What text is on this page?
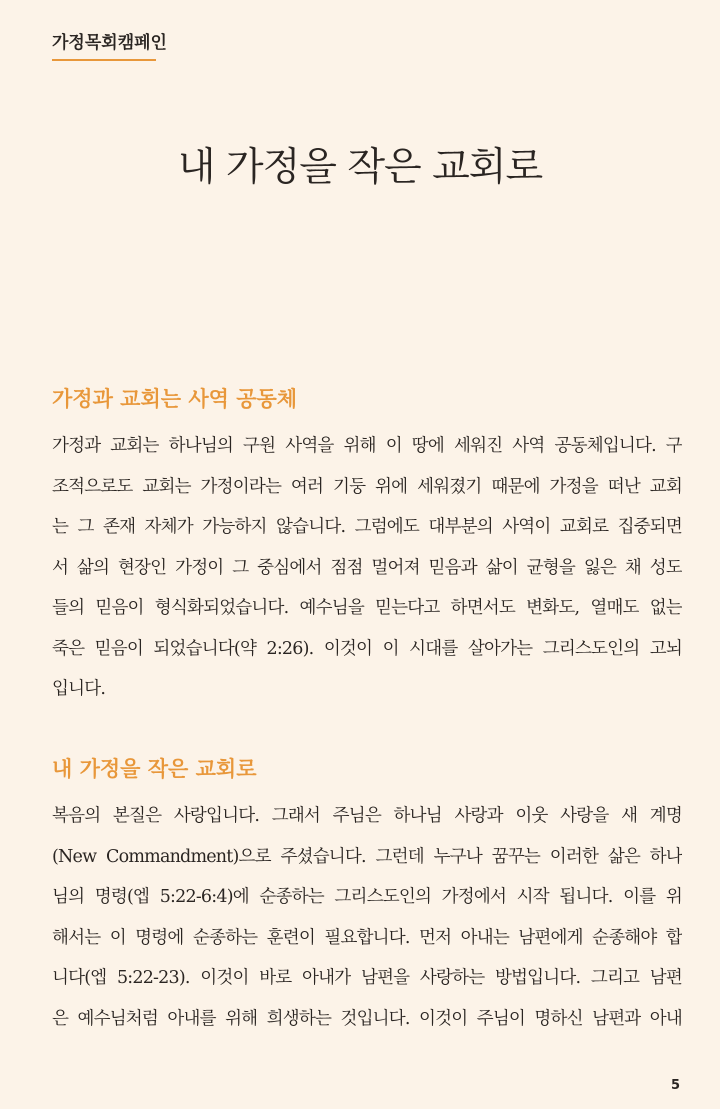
가정목회캠페인
내 가정을 작은 교회로
가정과 교회는 사역 공동체
가정과 교회는 하나님의 구원 사역을 위해 이 땅에 세워진 사역 공동체입니다. 구
조적으로도 교회는 가정이라는 여러 기둥 위에 세워졌기 때문에 가정을 떠난 교회
는 그 존재 자체가 가능하지 않습니다. 그럼에도 대부분의 사역이 교회로 집중되면
서 삶의 현장인 가정이 그 중심에서 점점 멀어져 믿음과 삶이 균형을 잃은 채 성도
들의 믿음이 형식화되었습니다. 예수님을 믿는다고 하면서도 변화도, 열매도 없는
죽은 믿음이 되었습니다(약 2:26). 이것이 이 시대를 살아가는 그리스도인의 고뇌
입니다.
내 가정을 작은 교회로
복음의 본질은 사랑입니다. 그래서 주님은 하나님 사랑과 이웃 사랑을 새 계명
(New Commandment)으로 주셨습니다. 그런데 누구나 꿈꾸는 이러한 삶은 하나
님의 명령(엡 5:22-6:4)에 순종하는 그리스도인의 가정에서 시작 됩니다. 이를 위
해서는 이 명령에 순종하는 훈련이 필요합니다. 먼저 아내는 남편에게 순종해야 합
니다(엡 5:22-23). 이것이 바로 아내가 남편을 사랑하는 방법입니다. 그리고 남편
은 예수님처럼 아내를 위해 희생하는 것입니다. 이것이 주님이 명하신 남편과 아내
5
